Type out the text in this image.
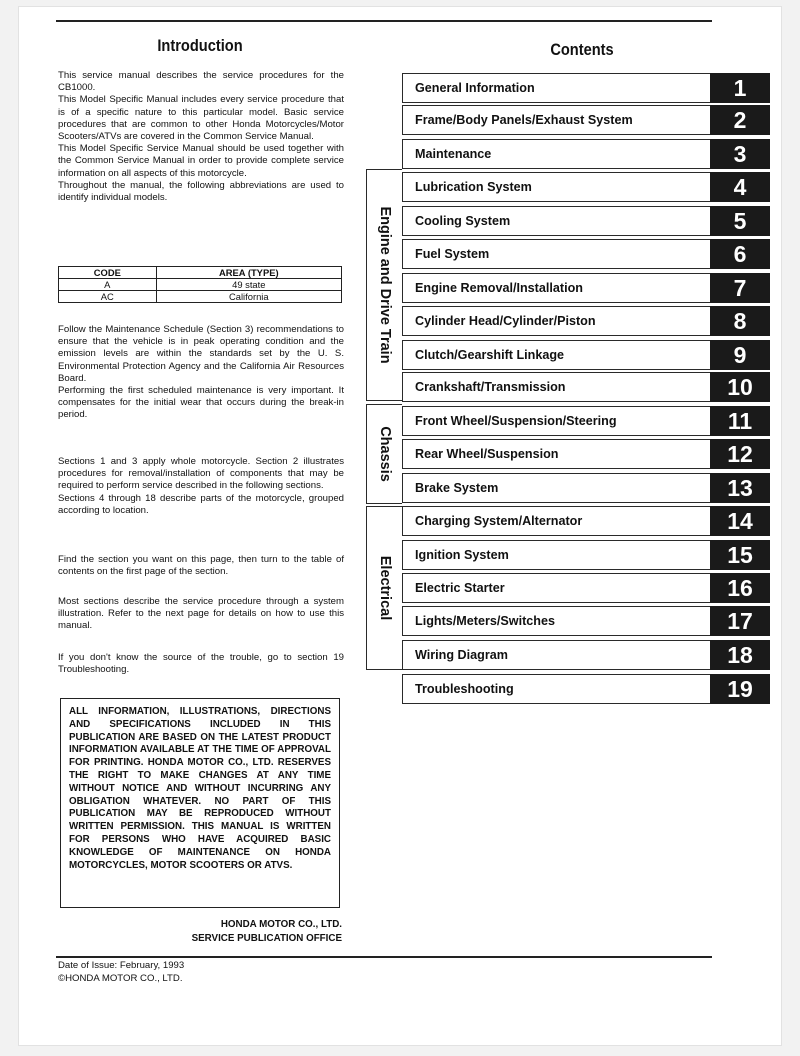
Introduction	Contents

This service manual describes the service procedures for the CB1000.
This Model Specific Manual includes every service procedure that is of a specific nature to this particular model. Basic service procedures that are common to other Honda Motorcycles/Motor Scooters/ATVs are covered in the Common Service Manual.
This Model Specific Service Manual should be used together with the Common Service Manual in order to provide complete service information on all aspects of this motorcycle.
Throughout the manual, the following abbreviations are used to identify individual models.

CODE	AREA (TYPE)
A	49 state
AC	California

Follow the Maintenance Schedule (Section 3) recommendations to ensure that the vehicle is in peak operating condition and the emission levels are within the standards set by the U. S. Environmental Protection Agency and the California Air Resources Board.
Performing the first scheduled maintenance is very important. It compensates for the initial wear that occurs during the break-in period.

Sections 1 and 3 apply whole motorcycle. Section 2 illustrates procedures for removal/installation of components that may be required to perform service described in the following sections.
Sections 4 through 18 describe parts of the motorcycle, grouped according to location.

Find the section you want on this page, then turn to the table of contents on the first page of the section.

Most sections describe the service procedure through a system illustration. Refer to the next page for details on how to use this manual.

If you don't know the source of the trouble, go to section 19 Troubleshooting.

ALL INFORMATION, ILLUSTRATIONS, DIRECTIONS AND SPECIFICATIONS INCLUDED IN THIS PUBLICATION ARE BASED ON THE LATEST PRODUCT INFORMATION AVAILABLE AT THE TIME OF APPROVAL FOR PRINTING. HONDA MOTOR CO., LTD. RESERVES THE RIGHT TO MAKE CHANGES AT ANY TIME WITHOUT NOTICE AND WITHOUT INCURRING ANY OBLIGATION WHATEVER. NO PART OF THIS PUBLICATION MAY BE REPRODUCED WITHOUT WRITTEN PERMISSION. THIS MANUAL IS WRITTEN FOR PERSONS WHO HAVE ACQUIRED BASIC KNOWLEDGE OF MAINTENANCE ON HONDA MOTORCYCLES, MOTOR SCOOTERS OR ATVS.
HONDA MOTOR CO., LTD.
SERVICE PUBLICATION OFFICE
Date of Issue: February, 1993
©HONDA MOTOR CO., LTD.
Engine and Drive Train
Chassis
Electrical
General Information	1
Frame/Body Panels/Exhaust System	2
Maintenance	3
Lubrication System	4
Cooling System	5
Fuel System	6
Engine Removal/Installation	7
Cylinder Head/Cylinder/Piston	8
Clutch/Gearshift Linkage	9
Crankshaft/Transmission	10
Front Wheel/Suspension/Steering	11
Rear Wheel/Suspension	12
Brake System	13
Charging System/Alternator	14
Ignition System	15
Electric Starter	16
Lights/Meters/Switches	17
Wiring Diagram	18
Troubleshooting	19
